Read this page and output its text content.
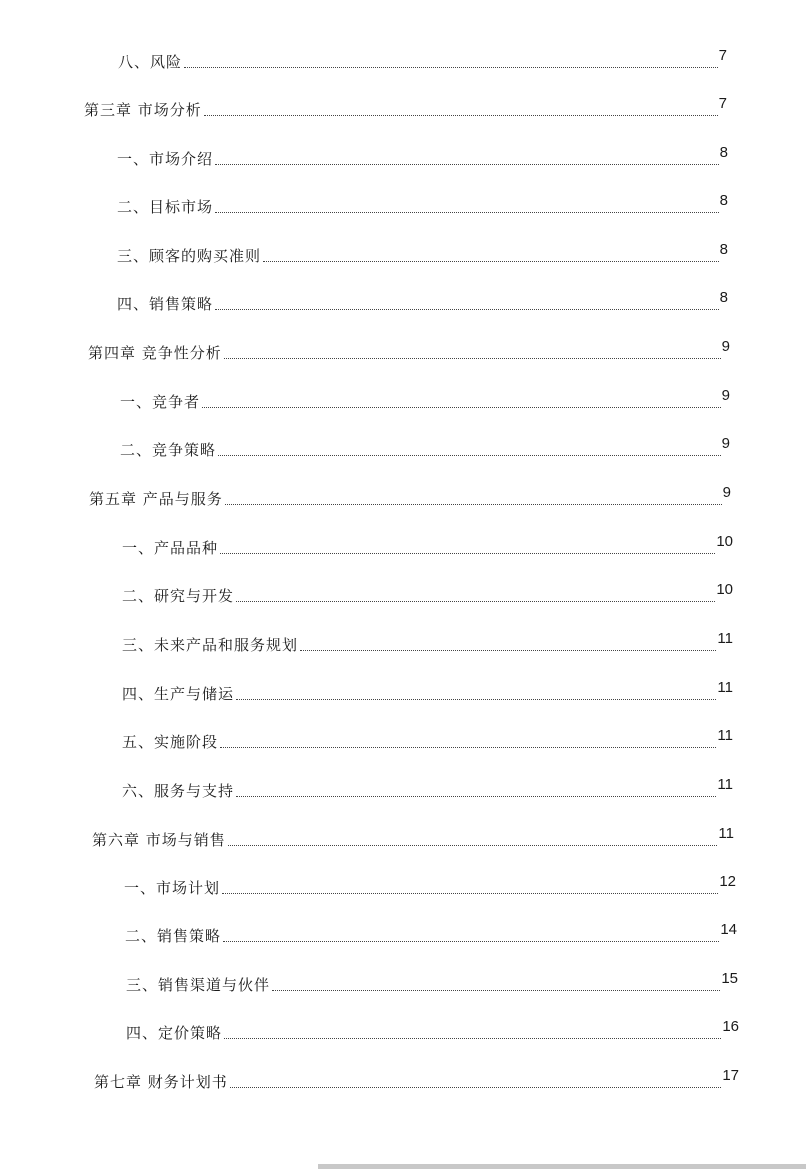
八、风险	7
第三章 市场分析	7
一、市场介绍	8
二、目标市场	8
三、顾客的购买准则	8
四、销售策略	8
第四章 竞争性分析	9
一、竞争者	9
二、竞争策略	9
第五章 产品与服务	9
一、产品品种	10
二、研究与开发	10
三、未来产品和服务规划	11
四、生产与储运	11
五、实施阶段	11
六、服务与支持	11
第六章 市场与销售	11
一、市场计划	12
二、销售策略	14
三、销售渠道与伙伴	15
四、定价策略	16
第七章 财务计划书	17
